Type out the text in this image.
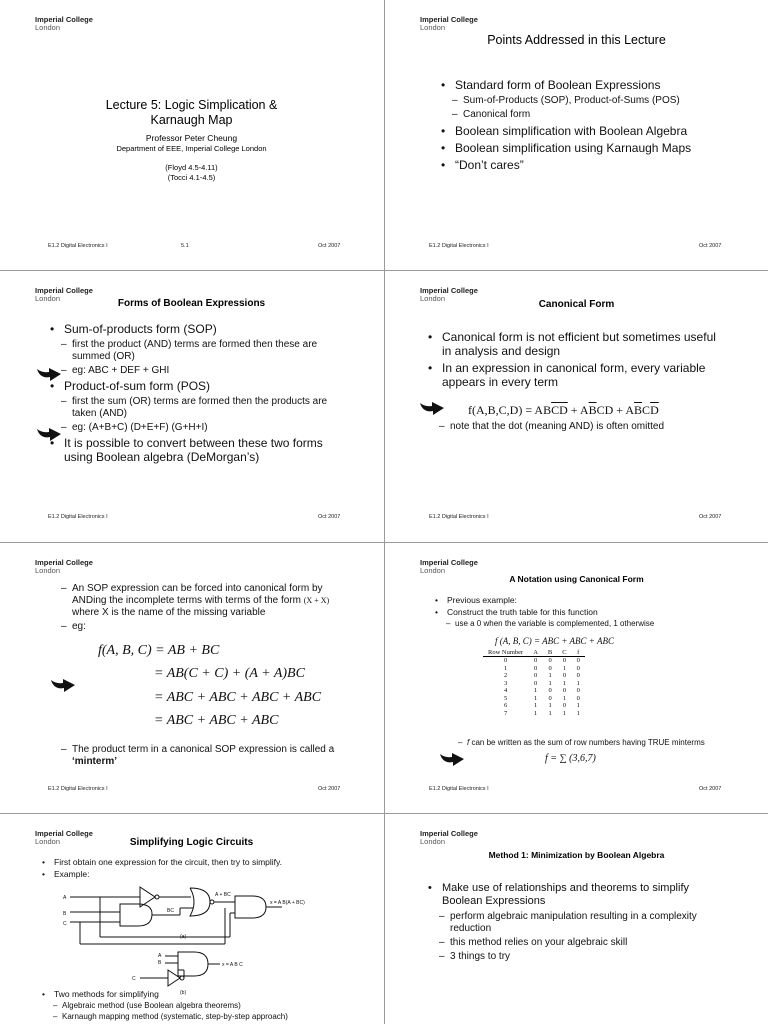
Imperial College
London
Lecture 5: Logic Simplication &
Karnaugh Map
Professor Peter Cheung
Department of EEE, Imperial College London
(Floyd 4.5-4.11)
(Tocci 4.1-4.5)
E1.2 Digital Electronics I	5.1	Oct 2007
Imperial College
London
Points Addressed in this Lecture
• Standard form of Boolean Expressions
– Sum-of-Products (SOP), Product-of-Sums (POS)
– Canonical form
• Boolean simplification with Boolean Algebra
• Boolean simplification using Karnaugh Maps
• “Don’t cares”
E1.2 Digital Electronics I	Oct 2007
Imperial College
London	Forms of Boolean Expressions
• Sum-of-products form (SOP)
– first the product (AND) terms are formed then these are summed (OR)
– eg: ABC + DEF + GHI
• Product-of-sum form (POS)
– first the sum (OR) terms are formed then the products are taken (AND)
– eg: (A+B+C) (D+E+F) (G+H+I)
• It is possible to convert between these two forms using Boolean algebra (DeMorgan’s)
E1.2 Digital Electronics I	Oct 2007
Imperial College
London
Canonical Form
• Canonical form is not efficient but sometimes useful in analysis and design
• In an expression in canonical form, every variable appears in every term
$f(A,B,C,D) = AB\overline{CD} + A\overline{B}CD + A\overline{B}C\overline{D}$
– note that the dot (meaning AND) is often omitted
E1.2 Digital Electronics I	Oct 2007
Imperial College
London
– An SOP expression can be forced into canonical form by ANDing the incomplete terms with terms of the form (X + X) where X is the name of the missing variable
– eg:
f(A, B, C) = AB + BC
= AB(C + C) + (A + A)BC
= ABC + ABC + ABC + ABC
= ABC + ABC + ABC
– The product term in a canonical SOP expression is called a ‘minterm’
E1.2 Digital Electronics I	Oct 2007
Imperial College
London
A Notation using Canonical Form
• Previous example:
• Construct the truth table for this function
– use a 0 when the variable is complemented, 1 otherwise
f (A, B, C) = ABC + ABC + ABC
Row Number	A	B	C	f
0	0	0	0	0
1	0	0	1	0
2	0	1	0	0
3	0	1	1	1
4	1	0	0	0
5	1	0	1	0
6	1	1	0	1
7	1	1	1	1
– f can be written as the sum of row numbers having TRUE minterms
f = ∑ (3,6,7)
E1.2 Digital Electronics I	Oct 2007
Imperial College
London	Simplifying Logic Circuits
• First obtain one expression for the circuit, then try to simplify.
• Example:
A
B
C
BC
A + BC
x = A B(A + BC)
(a)
A
B
C
x = A B C
(b)
• Two methods for simplifying
– Algebraic method (use Boolean algebra theorems)
– Karnaugh mapping method (systematic, step-by-step approach)
Imperial College
London
Method 1: Minimization by Boolean Algebra
• Make use of relationships and theorems to simplify Boolean Expressions
– perform algebraic manipulation resulting in a complexity reduction
– this method relies on your algebraic skill
– 3 things to try
